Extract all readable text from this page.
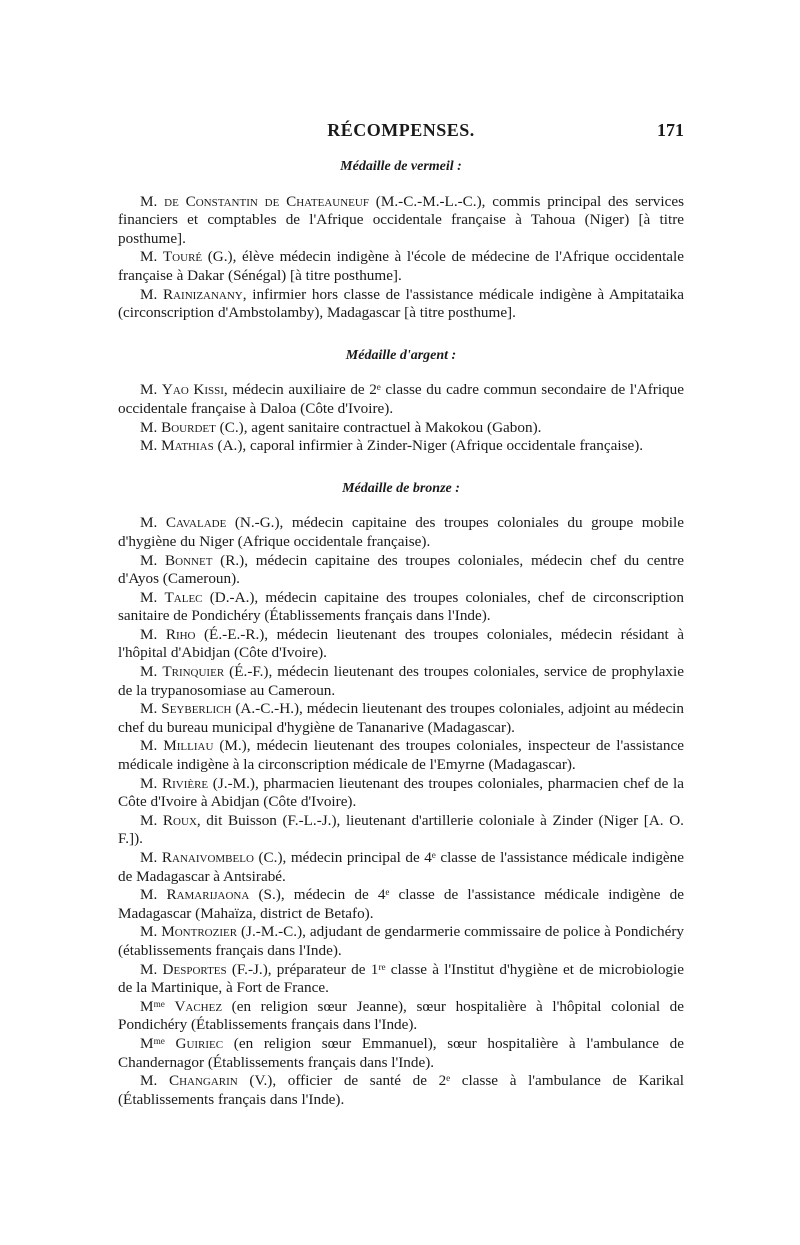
RÉCOMPENSES.	171
Médaille de vermeil :

M. de Constantin de Chateauneuf (M.-C.-M.-L.-C.), commis principal des services financiers et comptables de l'Afrique occidentale française à Tahoua (Niger) [à titre posthume].

M. Touré (G.), élève médecin indigène à l'école de médecine de l'Afrique occidentale française à Dakar (Sénégal) [à titre posthume].

M. Rainizanany, infirmier hors classe de l'assistance médicale indigène à Ampitataika (circonscription d'Ambstolamby), Madagascar [à titre posthume].

Médaille d'argent :

M. Yao Kissi, médecin auxiliaire de 2ᵉ classe du cadre commun secondaire de l'Afrique occidentale française à Daloa (Côte d'Ivoire).

M. Bourdet (C.), agent sanitaire contractuel à Makokou (Gabon).

M. Mathias (A.), caporal infirmier à Zinder-Niger (Afrique occidentale française).

Médaille de bronze :

M. Cavalade (N.-G.), médecin capitaine des troupes coloniales du groupe mobile d'hygiène du Niger (Afrique occidentale française).

M. Bonnet (R.), médecin capitaine des troupes coloniales, médecin chef du centre d'Ayos (Cameroun).

M. Talec (D.-A.), médecin capitaine des troupes coloniales, chef de circonscription sanitaire de Pondichéry (Établissements français dans l'Inde).

M. Riho (É.-E.-R.), médecin lieutenant des troupes coloniales, médecin résidant à l'hôpital d'Abidjan (Côte d'Ivoire).

M. Trinquier (É.-F.), médecin lieutenant des troupes coloniales, service de prophylaxie de la trypanosomiase au Cameroun.

M. Seyberlich (A.-C.-H.), médecin lieutenant des troupes coloniales, adjoint au médecin chef du bureau municipal d'hygiène de Tananarive (Madagascar).

M. Milliau (M.), médecin lieutenant des troupes coloniales, inspecteur de l'assistance médicale indigène à la circonscription médicale de l'Emyrne (Madagascar).

M. Rivière (J.-M.), pharmacien lieutenant des troupes coloniales, pharmacien chef de la Côte d'Ivoire à Abidjan (Côte d'Ivoire).

M. Roux, dit Buisson (F.-L.-J.), lieutenant d'artillerie coloniale à Zinder (Niger [A. O. F.]).

M. Ranaivombelo (C.), médecin principal de 4ᵉ classe de l'assistance médicale indigène de Madagascar à Antsirabé.

M. Ramarijaona (S.), médecin de 4ᵉ classe de l'assistance médicale indigène de Madagascar (Mahaïza, district de Betafo).

M. Montrozier (J.-M.-C.), adjudant de gendarmerie commissaire de police à Pondichéry (établissements français dans l'Inde).

M. Desportes (F.-J.), préparateur de 1ʳᵉ classe à l'Institut d'hygiène et de microbiologie de la Martinique, à Fort de France.

Mᵐᵉ Vachez (en religion sœur Jeanne), sœur hospitalière à l'hôpital colonial de Pondichéry (Établissements français dans l'Inde).

Mᵐᵉ Guiriec (en religion sœur Emmanuel), sœur hospitalière à l'ambulance de Chandernagor (Établissements français dans l'Inde).

M. Changarin (V.), officier de santé de 2ᵉ classe à l'ambulance de Karikal (Établissements français dans l'Inde).
